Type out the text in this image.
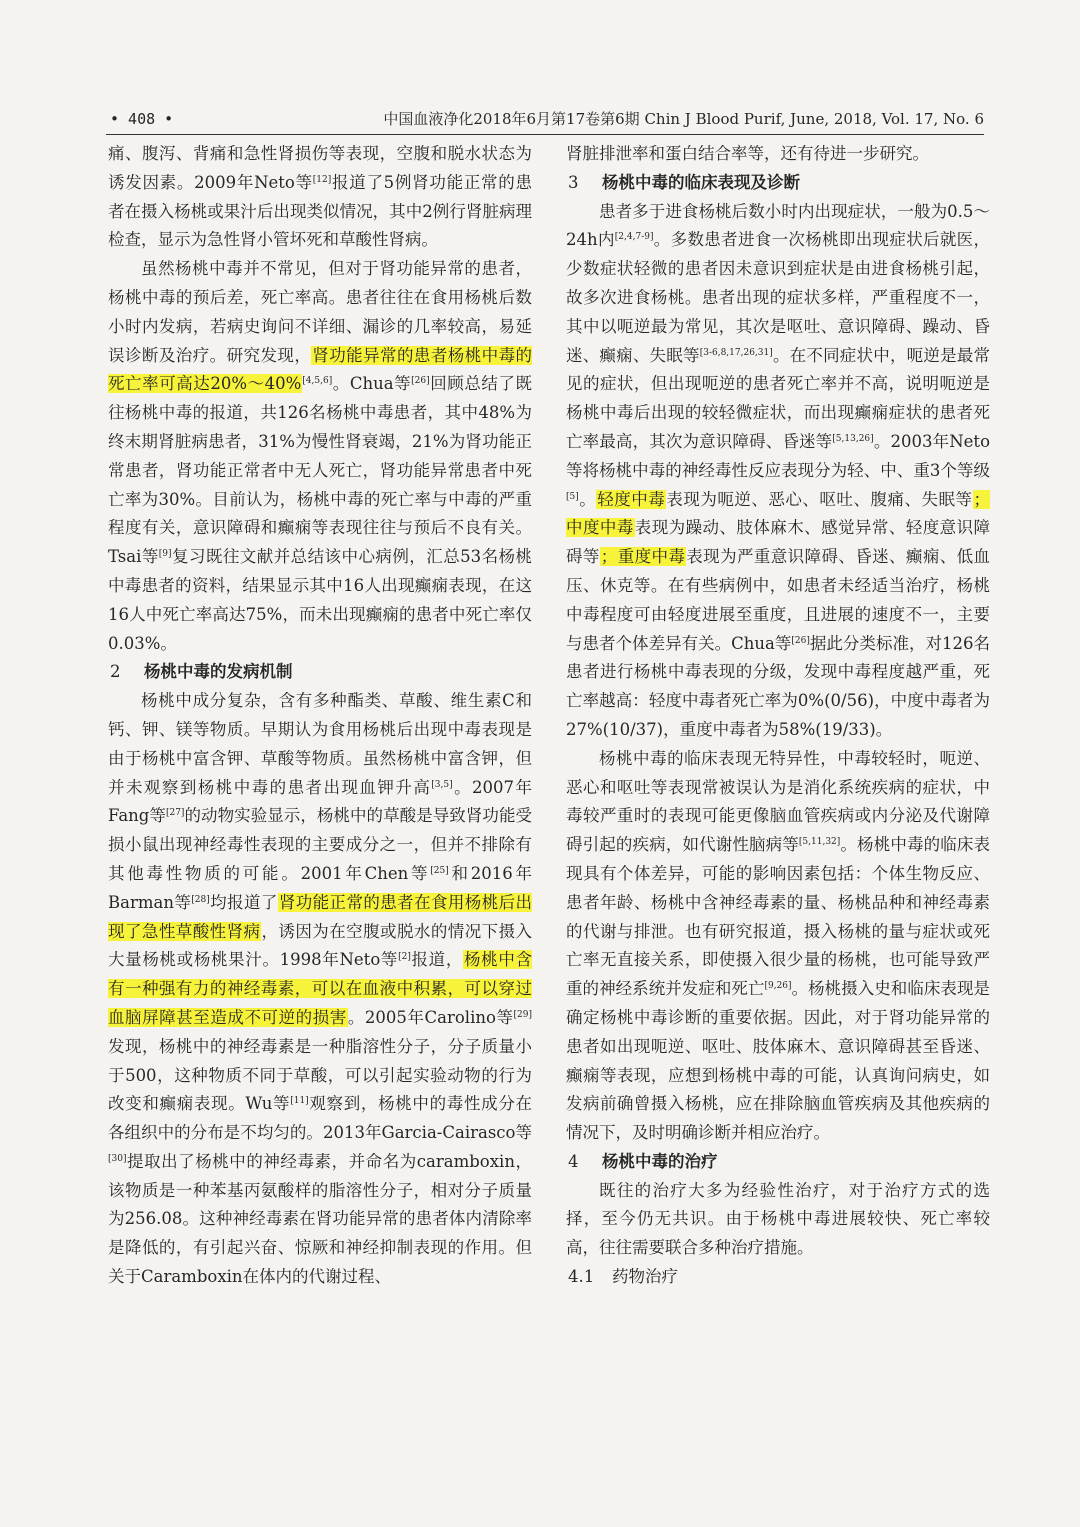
• 408 •	中国血液净化2018年6月第17卷第6期 Chin J Blood Purif, June, 2018, Vol. 17, No. 6

痛、腹泻、背痛和急性肾损伤等表现，空腹和脱水状态为诱发因素。2009年Neto等[12]报道了5例肾功能正常的患者在摄入杨桃或果汁后出现类似情况，其中2例行肾脏病理检查，显示为急性肾小管坏死和草酸性肾病。

虽然杨桃中毒并不常见，但对于肾功能异常的患者，杨桃中毒的预后差，死亡率高。患者往往在食用杨桃后数小时内发病，若病史询问不详细、漏诊的几率较高，易延误诊断及治疗。研究发现，肾功能异常的患者杨桃中毒的死亡率可高达20%～40%[4,5,6]。Chua等[26]回顾总结了既往杨桃中毒的报道，共126名杨桃中毒患者，其中48%为终末期肾脏病患者，31%为慢性肾衰竭，21%为肾功能正常患者，肾功能正常者中无人死亡，肾功能异常患者中死亡率为30%。目前认为，杨桃中毒的死亡率与中毒的严重程度有关，意识障碍和癫痫等表现往往与预后不良有关。Tsai等[9]复习既往文献并总结该中心病例，汇总53名杨桃中毒患者的资料，结果显示其中16人出现癫痫表现，在这16人中死亡率高达75%，而未出现癫痫的患者中死亡率仅0.03%。

2 杨桃中毒的发病机制

杨桃中成分复杂，含有多种酯类、草酸、维生素C和钙、钾、镁等物质。早期认为食用杨桃后出现中毒表现是由于杨桃中富含钾、草酸等物质。虽然杨桃中富含钾，但并未观察到杨桃中毒的患者出现血钾升高[3,5]。2007年Fang等[27]的动物实验显示，杨桃中的草酸是导致肾功能受损小鼠出现神经毒性表现的主要成分之一，但并不排除有其他毒性物质的可能。2001年Chen等[25]和2016年Barman等[28]均报道了肾功能正常的患者在食用杨桃后出现了急性草酸性肾病，诱因为在空腹或脱水的情况下摄入大量杨桃或杨桃果汁。1998年Neto等[2]报道，杨桃中含有一种强有力的神经毒素，可以在血液中积累，可以穿过血脑屏障甚至造成不可逆的损害。2005年Carolino等[29]发现，杨桃中的神经毒素是一种脂溶性分子，分子质量小于500，这种物质不同于草酸，可以引起实验动物的行为改变和癫痫表现。Wu等[11]观察到，杨桃中的毒性成分在各组织中的分布是不均匀的。2013年Garcia-Cairasco等[30]提取出了杨桃中的神经毒素，并命名为caramboxin，该物质是一种苯基丙氨酸样的脂溶性分子，相对分子质量为256.08。这种神经毒素在肾功能异常的患者体内清除率是降低的，有引起兴奋、惊厥和神经抑制表现的作用。但关于Caramboxin在体内的代谢过程、

肾脏排泄率和蛋白结合率等，还有待进一步研究。

3 杨桃中毒的临床表现及诊断

患者多于进食杨桃后数小时内出现症状，一般为0.5～24h内[2,4,7-9]。多数患者进食一次杨桃即出现症状后就医，少数症状轻微的患者因未意识到症状是由进食杨桃引起，故多次进食杨桃。患者出现的症状多样，严重程度不一，其中以呃逆最为常见，其次是呕吐、意识障碍、躁动、昏迷、癫痫、失眠等[3-6,8,17,26,31]。在不同症状中，呃逆是最常见的症状，但出现呃逆的患者死亡率并不高，说明呃逆是杨桃中毒后出现的较轻微症状，而出现癫痫症状的患者死亡率最高，其次为意识障碍、昏迷等[5,13,26]。2003年Neto等将杨桃中毒的神经毒性反应表现分为轻、中、重3个等级[5]。轻度中毒表现为呃逆、恶心、呕吐、腹痛、失眠等；中度中毒表现为躁动、肢体麻木、感觉异常、轻度意识障碍等；重度中毒表现为严重意识障碍、昏迷、癫痫、低血压、休克等。在有些病例中，如患者未经适当治疗，杨桃中毒程度可由轻度进展至重度，且进展的速度不一，主要与患者个体差异有关。Chua等[26]据此分类标准，对126名患者进行杨桃中毒表现的分级，发现中毒程度越严重，死亡率越高：轻度中毒者死亡率为0%(0/56)，中度中毒者为27%(10/37)，重度中毒者为58%(19/33)。

杨桃中毒的临床表现无特异性，中毒较轻时，呃逆、恶心和呕吐等表现常被误认为是消化系统疾病的症状，中毒较严重时的表现可能更像脑血管疾病或内分泌及代谢障碍引起的疾病，如代谢性脑病等[5,11,32]。杨桃中毒的临床表现具有个体差异，可能的影响因素包括：个体生物反应、患者年龄、杨桃中含神经毒素的量、杨桃品种和神经毒素的代谢与排泄。也有研究报道，摄入杨桃的量与症状或死亡率无直接关系，即使摄入很少量的杨桃，也可能导致严重的神经系统并发症和死亡[9,26]。杨桃摄入史和临床表现是确定杨桃中毒诊断的重要依据。因此，对于肾功能异常的患者如出现呃逆、呕吐、肢体麻木、意识障碍甚至昏迷、癫痫等表现，应想到杨桃中毒的可能，认真询问病史，如发病前确曾摄入杨桃，应在排除脑血管疾病及其他疾病的情况下，及时明确诊断并相应治疗。

4 杨桃中毒的治疗

既往的治疗大多为经验性治疗，对于治疗方式的选择，至今仍无共识。由于杨桃中毒进展较快、死亡率较高，往往需要联合多种治疗措施。

4.1 药物治疗
